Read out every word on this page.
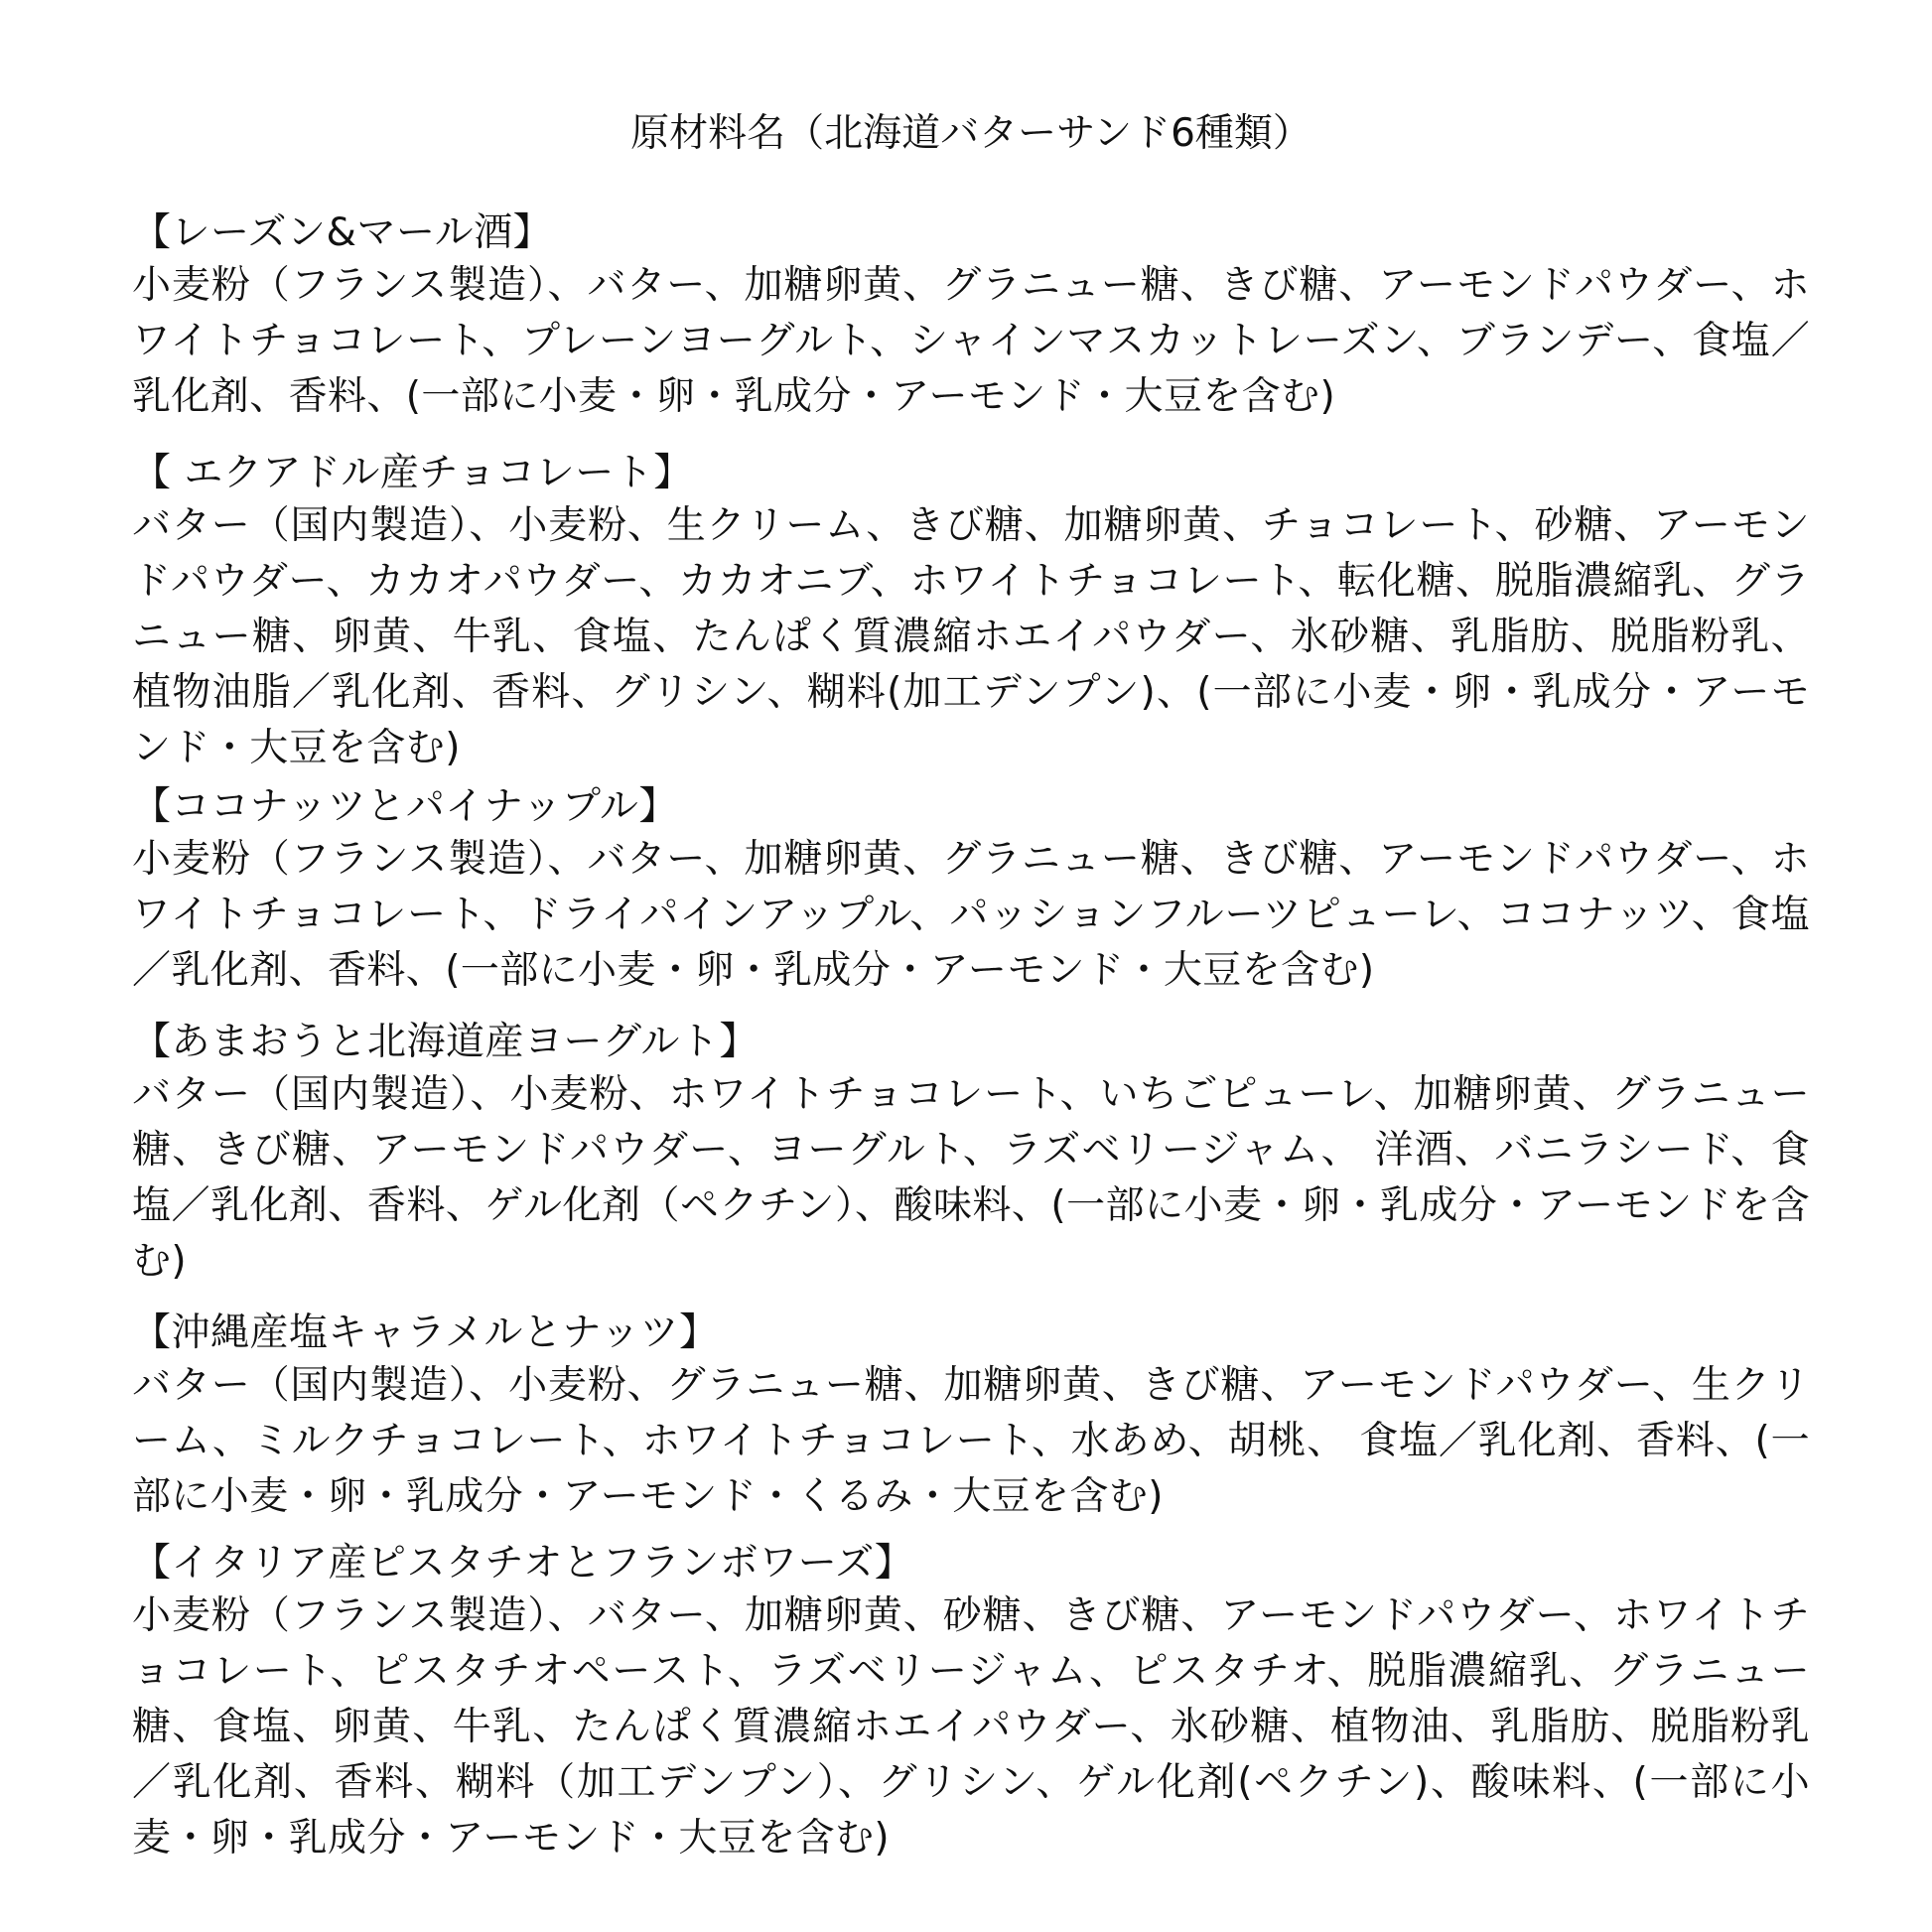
原材料名（北海道バターサンド6種類）

【レーズン&マール酒】

小麦粉（フランス製造）、バター、加糖卵黄、グラニュー糖、きび糖、アーモンドパウダー、ホワイトチョコレート、プレーンヨーグルト、シャインマスカットレーズン、ブランデー、食塩／乳化剤、香料、(一部に小麦・卵・乳成分・アーモンド・大豆を含む)

【 エクアドル産チョコレート】

バター（国内製造）、小麦粉、生クリーム、きび糖、加糖卵黄、チョコレート、砂糖、アーモンドパウダー、カカオパウダー、カカオニブ、ホワイトチョコレート、転化糖、脱脂濃縮乳、グラニュー糖、卵黄、牛乳、食塩、たんぱく質濃縮ホエイパウダー、氷砂糖、乳脂肪、脱脂粉乳、植物油脂／乳化剤、香料、グリシン、糊料(加工デンプン)、(一部に小麦・卵・乳成分・アーモンド・大豆を含む)

【ココナッツとパイナップル】

小麦粉（フランス製造）、バター、加糖卵黄、グラニュー糖、きび糖、アーモンドパウダー、ホワイトチョコレート、ドライパインアップル、パッションフルーツピューレ、ココナッツ、食塩／乳化剤、香料、(一部に小麦・卵・乳成分・アーモンド・大豆を含む)

【あまおうと北海道産ヨーグルト】

バター（国内製造）、小麦粉、ホワイトチョコレート、いちごピューレ、加糖卵黄、グラニュー糖、きび糖、アーモンドパウダー、ヨーグルト、ラズベリージャム、 洋酒、バニラシード、食塩／乳化剤、香料、ゲル化剤（ペクチン）、酸味料、(一部に小麦・卵・乳成分・アーモンドを含む)

【沖縄産塩キャラメルとナッツ】

バター（国内製造）、小麦粉、グラニュー糖、加糖卵黄、きび糖、アーモンドパウダー、生クリーム、ミルクチョコレート、ホワイトチョコレート、水あめ、胡桃、 食塩／乳化剤、香料、(一部に小麦・卵・乳成分・アーモンド・くるみ・大豆を含む)

【イタリア産ピスタチオとフランボワーズ】

小麦粉（フランス製造）、バター、加糖卵黄、砂糖、きび糖、アーモンドパウダー、ホワイトチョコレート、ピスタチオペースト、ラズベリージャム、ピスタチオ、脱脂濃縮乳、グラニュー糖、食塩、卵黄、牛乳、たんぱく質濃縮ホエイパウダー、氷砂糖、植物油、乳脂肪、脱脂粉乳／乳化剤、香料、糊料（加工デンプン）、グリシン、ゲル化剤(ペクチン)、酸味料、(一部に小麦・卵・乳成分・アーモンド・大豆を含む)
